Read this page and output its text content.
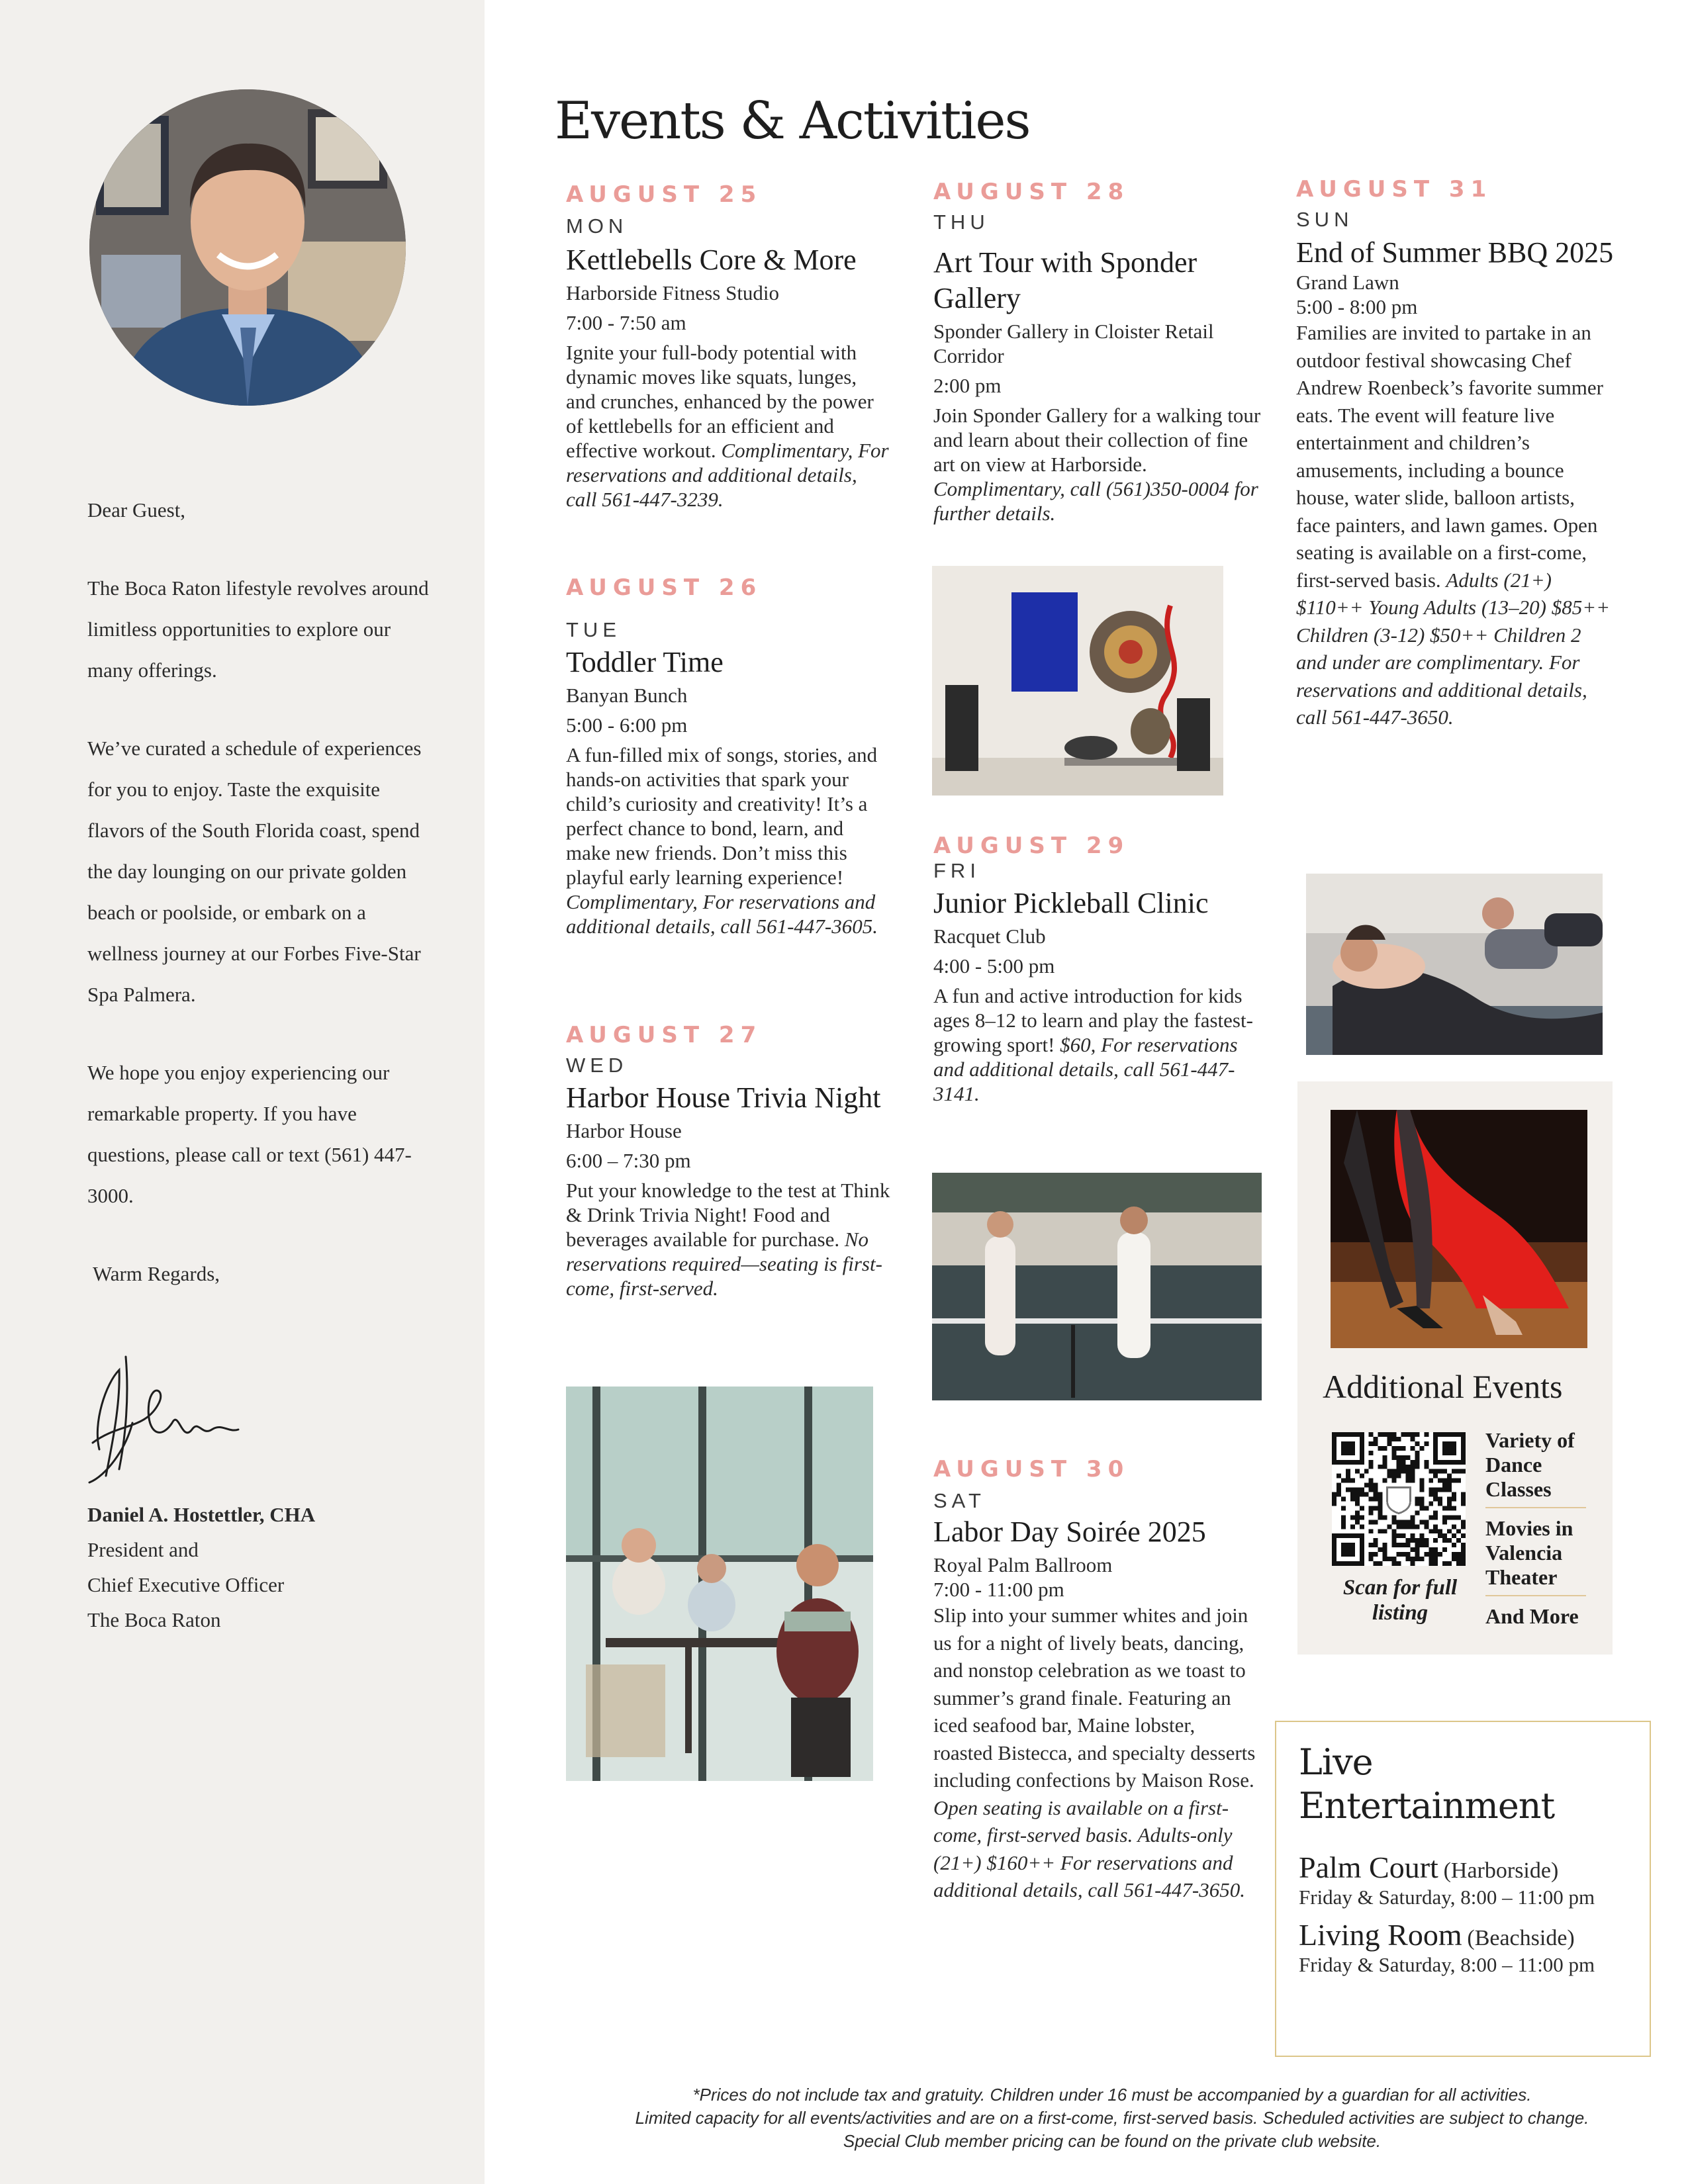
Dear Guest,

The Boca Raton lifestyle revolves around limitless opportunities to explore our many offerings.

We’ve curated a schedule of experiences for you to enjoy. Taste the exquisite flavors of the South Florida coast, spend the day lounging on our private golden beach or poolside, or embark on a wellness journey at our Forbes Five-Star Spa Palmera.

We hope you enjoy experiencing our remarkable property. If you have questions, please call or text (561) 447-3000.

Warm Regards,

Daniel A. Hostettler, CHA
President and
Chief Executive Officer
The Boca Raton
Events & Activities
AUGUST 25
MON
Kettlebells Core & More
Harborside Fitness Studio
7:00 - 7:50 am
Ignite your full-body potential with dynamic moves like squats, lunges, and crunches, enhanced by the power of kettlebells for an efficient and effective workout. Complimentary, For reservations and additional details, call 561-447-3239.
AUGUST 26
TUE
Toddler Time
Banyan Bunch
5:00 - 6:00 pm
A fun-filled mix of songs, stories, and hands-on activities that spark your child’s curiosity and creativity! It’s a perfect chance to bond, learn, and make new friends. Don’t miss this playful early learning experience! Complimentary, For reservations and additional details, call 561-447-3605.
AUGUST 27
WED
Harbor House Trivia Night
Harbor House
6:00 – 7:30 pm
Put your knowledge to the test at Think & Drink Trivia Night! Food and beverages available for purchase. No reservations required—seating is first-come, first-served.
AUGUST 28
THU
Art Tour with Sponder Gallery
Sponder Gallery in Cloister Retail Corridor
2:00 pm
Join Sponder Gallery for a walking tour and learn about their collection of fine art on view at Harborside. Complimentary, call (561)350-0004 for further details.
AUGUST 29
FRI
Junior Pickleball Clinic
Racquet Club
4:00 - 5:00 pm
A fun and active introduction for kids ages 8–12 to learn and play the fastest-growing sport! $60, For reservations and additional details, call 561-447-3141.
AUGUST 30
SAT
Labor Day Soirée 2025
Royal Palm Ballroom
7:00 - 11:00 pm
Slip into your summer whites and join us for a night of lively beats, dancing, and nonstop celebration as we toast to summer’s grand finale. Featuring an iced seafood bar, Maine lobster, roasted Bistecca, and specialty desserts including confections by Maison Rose. Open seating is available on a first-come, first-served basis. Adults-only (21+) $160++ For reservations and additional details, call 561-447-3650.
AUGUST 31
SUN
End of Summer BBQ 2025
Grand Lawn
5:00 - 8:00 pm
Families are invited to partake in an outdoor festival showcasing Chef Andrew Roenbeck’s favorite summer eats. The event will feature live entertainment and children’s amusements, including a bounce house, water slide, balloon artists, face painters, and lawn games. Open seating is available on a first-come, first-served basis. Adults (21+) $110++ Young Adults (13–20) $85++ Children (3-12) $50++ Children 2 and under are complimentary. For reservations and additional details, call 561-447-3650.
Additional Events
Scan for full listing
Variety of Dance Classes
Movies in Valencia Theater
And More
Live Entertainment
Palm Court (Harborside)
Friday & Saturday, 8:00 – 11:00 pm
Living Room (Beachside)
Friday & Saturday, 8:00 – 11:00 pm
*Prices do not include tax and gratuity. Children under 16 must be accompanied by a guardian for all activities.
Limited capacity for all events/activities and are on a first-come, first-served basis. Scheduled activities are subject to change.
Special Club member pricing can be found on the private club website.
